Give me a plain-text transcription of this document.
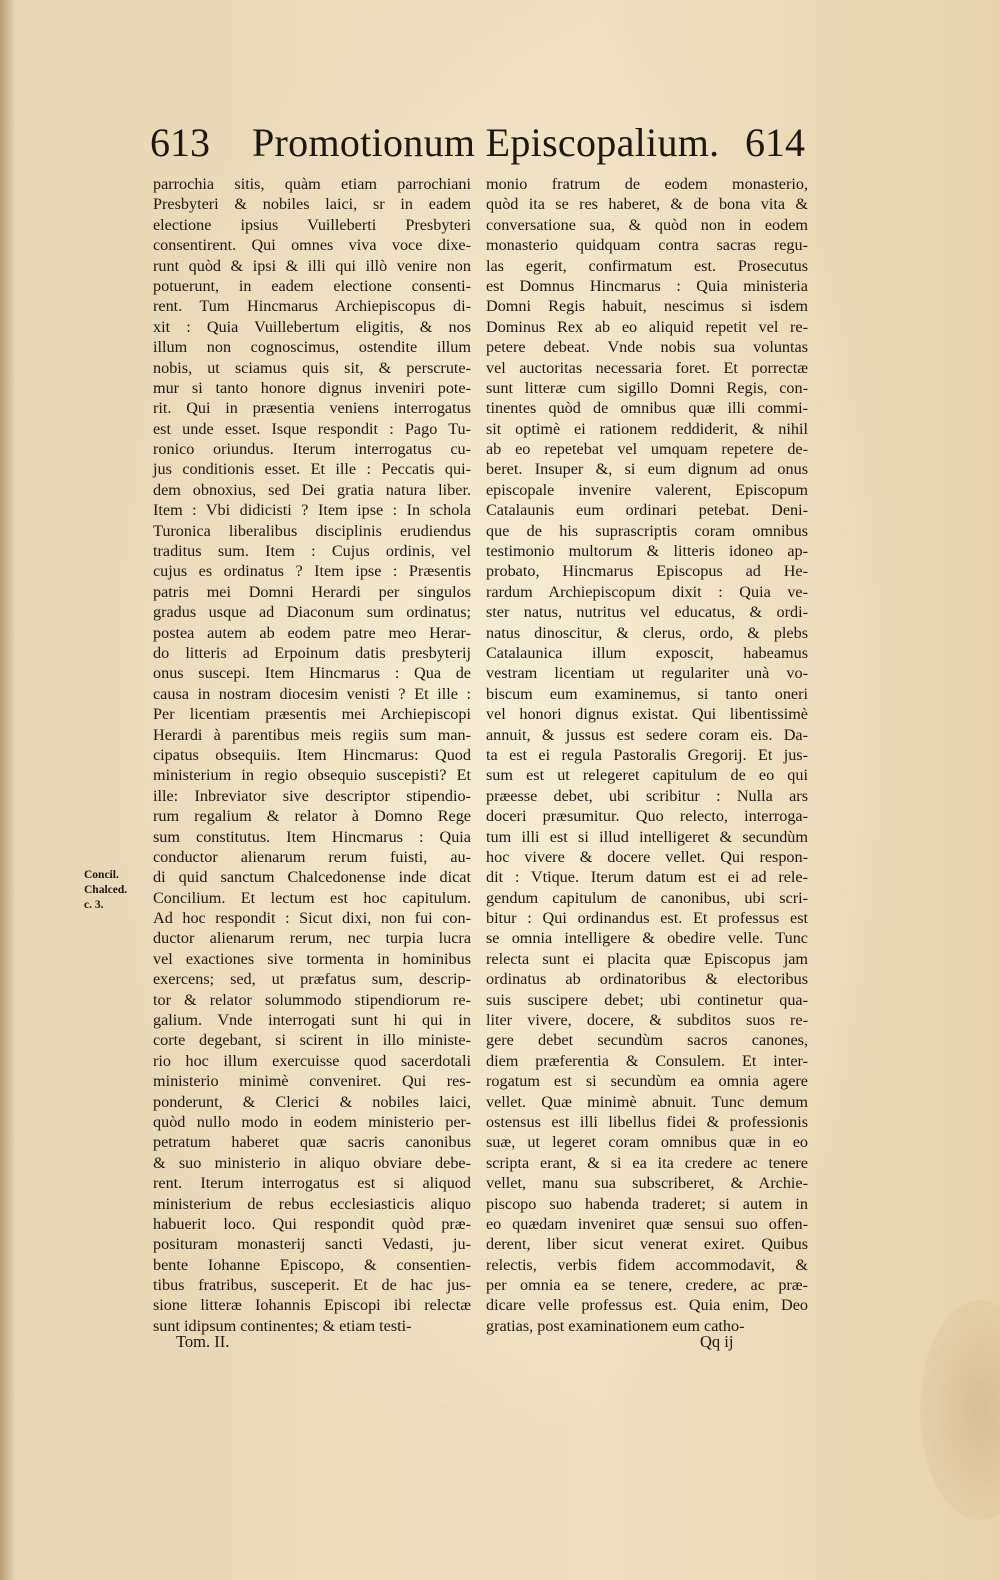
613 Promotionum Episcopalium. 614
parrochia sitis, quàm etiam parrochiani
Presbyteri & nobiles laici, sr in eadem
electione ipsius Vuilleberti Presbyteri
consentirent. Qui omnes viva voce dixe-
runt quòd & ipsi & illi qui illò venire non
potuerunt, in eadem electione consenti-
rent. Tum Hincmarus Archiepiscopus di-
xit : Quia Vuillebertum eligitis, & nos
illum non cognoscimus, ostendite illum
nobis, ut sciamus quis sit, & perscrute-
mur si tanto honore dignus inveniri pote-
rit. Qui in præsentia veniens interrogatus
est unde esset. Isque respondit : Pago Tu-
ronico oriundus. Iterum interrogatus cu-
jus conditionis esset. Et ille : Peccatis qui-
dem obnoxius, sed Dei gratia natura liber.
Item : Vbi didicisti ? Item ipse : In schola
Turonica liberalibus disciplinis erudiendus
traditus sum. Item : Cujus ordinis, vel
cujus es ordinatus ? Item ipse : Præsentis
patris mei Domni Herardi per singulos
gradus usque ad Diaconum sum ordinatus;
postea autem ab eodem patre meo Herar-
do litteris ad Erpoinum datis presbyterij
onus suscepi. Item Hincmarus : Qua de
causa in nostram diocesim venisti ? Et ille :
Per licentiam præsentis mei Archiepiscopi
Herardi à parentibus meis regiis sum man-
cipatus obsequiis. Item Hincmarus: Quod
ministerium in regio obsequio suscepisti? Et
ille: Inbreviator sive descriptor stipendio-
rum regalium & relator à Domno Rege
sum constitutus. Item Hincmarus : Quia
conductor alienarum rerum fuisti, au-
di quid sanctum Chalcedonense inde dicat
Concilium. Et lectum est hoc capitulum.
Ad hoc respondit : Sicut dixi, non fui con-
ductor alienarum rerum, nec turpia lucra
vel exactiones sive tormenta in hominibus
exercens; sed, ut præfatus sum, descrip-
tor & relator solummodo stipendiorum re-
galium. Vnde interrogati sunt hi qui in
corte degebant, si scirent in illo ministe-
rio hoc illum exercuisse quod sacerdotali
ministerio minimè conveniret. Qui res-
ponderunt, & Clerici & nobiles laici,
quòd nullo modo in eodem ministerio per-
petratum haberet quæ sacris canonibus
& suo ministerio in aliquo obviare debe-
rent. Iterum interrogatus est si aliquod
ministerium de rebus ecclesiasticis aliquo
habuerit loco. Qui respondit quòd præ-
posituram monasterij sancti Vedasti, ju-
bente Iohanne Episcopo, & consentien-
tibus fratribus, susceperit. Et de hac jus-
sione litteræ Iohannis Episcopi ibi relectæ
sunt idipsum continentes; & etiam testi-
monio fratrum de eodem monasterio,
quòd ita se res haberet, & de bona vita &
conversatione sua, & quòd non in eodem
monasterio quidquam contra sacras regu-
las egerit, confirmatum est. Prosecutus
est Domnus Hincmarus : Quia ministeria
Domni Regis habuit, nescimus si isdem
Dominus Rex ab eo aliquid repetit vel re-
petere debeat. Vnde nobis sua voluntas
vel auctoritas necessaria foret. Et porrectæ
sunt litteræ cum sigillo Domni Regis, con-
tinentes quòd de omnibus quæ illi commi-
sit optimè ei rationem reddiderit, & nihil
ab eo repetebat vel umquam repetere de-
beret. Insuper &, si eum dignum ad onus
episcopale invenire valerent, Episcopum
Catalaunis eum ordinari petebat. Deni-
que de his suprascriptis coram omnibus
testimonio multorum & litteris idoneo ap-
probato, Hincmarus Episcopus ad He-
rardum Archiepiscopum dixit : Quia ve-
ster natus, nutritus vel educatus, & ordi-
natus dinoscitur, & clerus, ordo, & plebs
Catalaunica illum exposcit, habeamus
vestram licentiam ut regulariter unà vo-
biscum eum examinemus, si tanto oneri
vel honori dignus existat. Qui libentissimè
annuit, & jussus est sedere coram eis. Da-
ta est ei regula Pastoralis Gregorij. Et jus-
sum est ut relegeret capitulum de eo qui
præesse debet, ubi scribitur : Nulla ars
doceri præsumitur. Quo relecto, interroga-
tum illi est si illud intelligeret & secundùm
hoc vivere & docere vellet. Qui respon-
dit : Vtique. Iterum datum est ei ad rele-
gendum capitulum de canonibus, ubi scri-
bitur : Qui ordinandus est. Et professus est
se omnia intelligere & obedire velle. Tunc
relecta sunt ei placita quæ Episcopus jam
ordinatus ab ordinatoribus & electoribus
suis suscipere debet; ubi continetur qua-
liter vivere, docere, & subditos suos re-
gere debet secundùm sacros canones,
diem præferentia & Consulem. Et inter-
rogatum est si secundùm ea omnia agere
vellet. Quæ minimè abnuit. Tunc demum
ostensus est illi libellus fidei & professionis
suæ, ut legeret coram omnibus quæ in eo
scripta erant, & si ea ita credere ac tenere
vellet, manu sua subscriberet, & Archie-
piscopo suo habenda traderet; si autem in
eo quædam inveniret quæ sensui suo offen-
derent, liber sicut venerat exiret. Quibus
relectis, verbis fidem accommodavit, &
per omnia ea se tenere, credere, ac præ-
dicare velle professus est. Quia enim, Deo
gratias, post examinationem eum catho-
Concil.
Chalced.
c. 3.
Tom. II.	Qq ij
